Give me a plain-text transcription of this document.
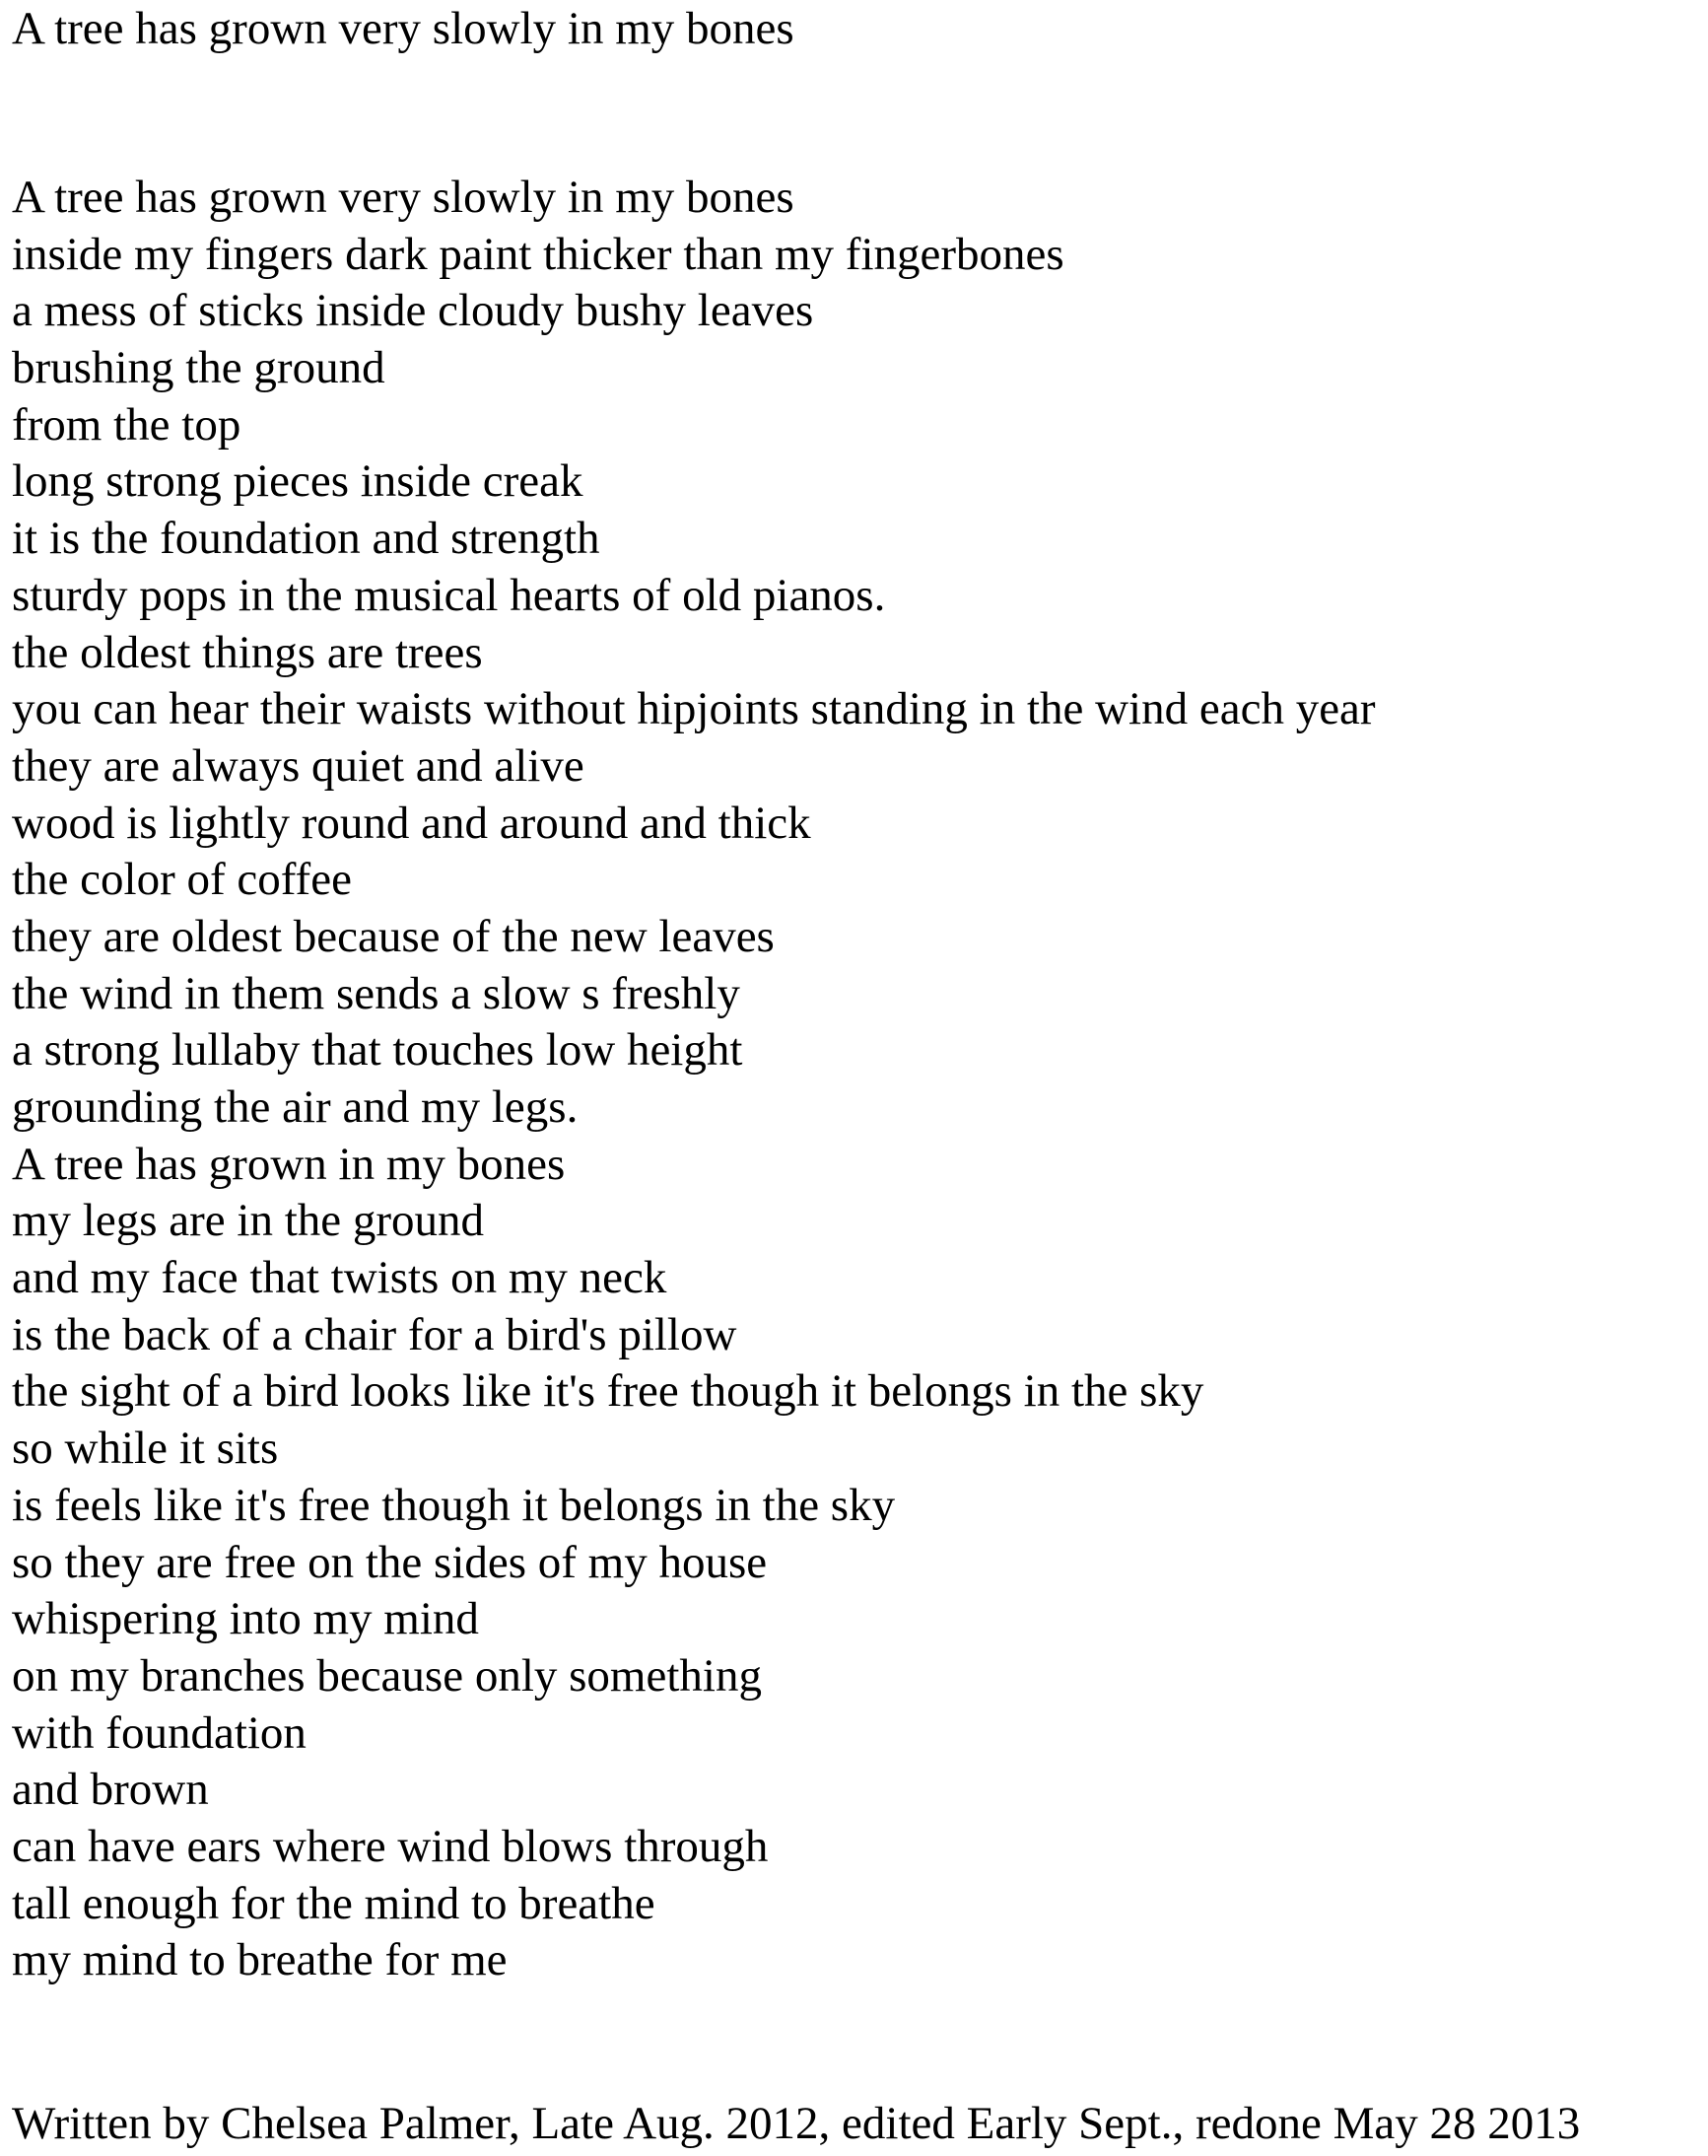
A tree has grown very slowly in my bones
A tree has grown very slowly in my bones
inside my fingers dark paint thicker than my fingerbones
a mess of sticks inside cloudy bushy leaves
brushing the ground
from the top
long strong pieces inside creak
it is the foundation and strength
sturdy pops in the musical hearts of old pianos.
the oldest things are trees
you can hear their waists without hipjoints standing in the wind each year
they are always quiet and alive
wood is lightly round and around and thick
the color of coffee
they are oldest because of the new leaves
the wind in them sends a slow s freshly
a strong lullaby that touches low height
grounding the air and my legs.
A tree has grown in my bones
my legs are in the ground
and my face that twists on my neck
is the back of a chair for a bird's pillow
the sight of a bird looks like it's free though it belongs in the sky
so while it sits
is feels like it's free though it belongs in the sky
so they are free on the sides of my house
whispering into my mind
on my branches because only something
with foundation
and brown
can have ears where wind blows through
tall enough for the mind to breathe
my mind to breathe for me

Written by Chelsea Palmer, Late Aug. 2012, edited Early Sept., redone May 28 2013
